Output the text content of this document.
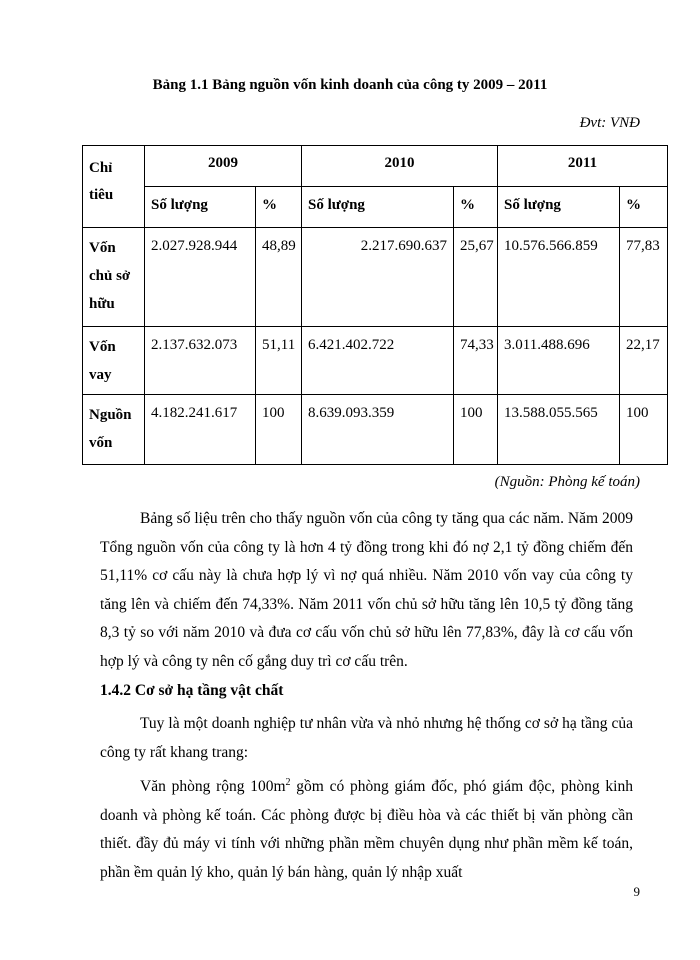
Bảng 1.1 Bảng nguồn vốn kinh doanh của công ty 2009 – 2011
Đvt: VNĐ
Chỉ tiêu	2009		2010		2011	
	Số lượng	%	Số lượng	%	Số lượng	%
Vốn chủ sở hữu	2.027.928.944	48,89	2.217.690.637	25,67	10.576.566.859	77,83
Vốn vay	2.137.632.073	51,11	6.421.402.722	74,33	3.011.488.696	22,17
Nguồn vốn	4.182.241.617	100	8.639.093.359	100	13.588.055.565	100
(Nguồn: Phòng kế toán)

Bảng số liệu trên cho thấy nguồn vốn của công ty tăng qua các năm. Năm 2009 Tổng nguồn vốn của công ty là hơn 4 tỷ đồng trong khi đó nợ 2,1 tỷ đồng chiếm đến 51,11% cơ cấu này là chưa hợp lý vì nợ quá nhiều. Năm 2010 vốn vay của công ty tăng lên và chiếm đến 74,33%. Năm 2011 vốn chủ sở hữu tăng lên 10,5 tỷ đồng tăng 8,3 tỷ so với năm 2010 và đưa cơ cấu vốn chủ sở hữu lên 77,83%, đây là cơ cấu vốn hợp lý và công ty nên cố gắng duy trì cơ cấu trên.

1.4.2 Cơ sở hạ tầng vật chất

Tuy là một doanh nghiệp tư nhân vừa và nhỏ nhưng hệ thống cơ sở hạ tầng của công ty rất khang trang:

Văn phòng rộng $100m^2$ gồm có phòng giám đốc, phó giám độc, phòng kinh doanh và phòng kế toán. Các phòng được bị điều hòa và các thiết bị văn phòng cần thiết. đầy đủ máy vi tính với những phần mềm chuyên dụng như phần mềm kế toán, phần ềm quản lý kho, quản lý bán hàng, quản lý nhập xuất

9
